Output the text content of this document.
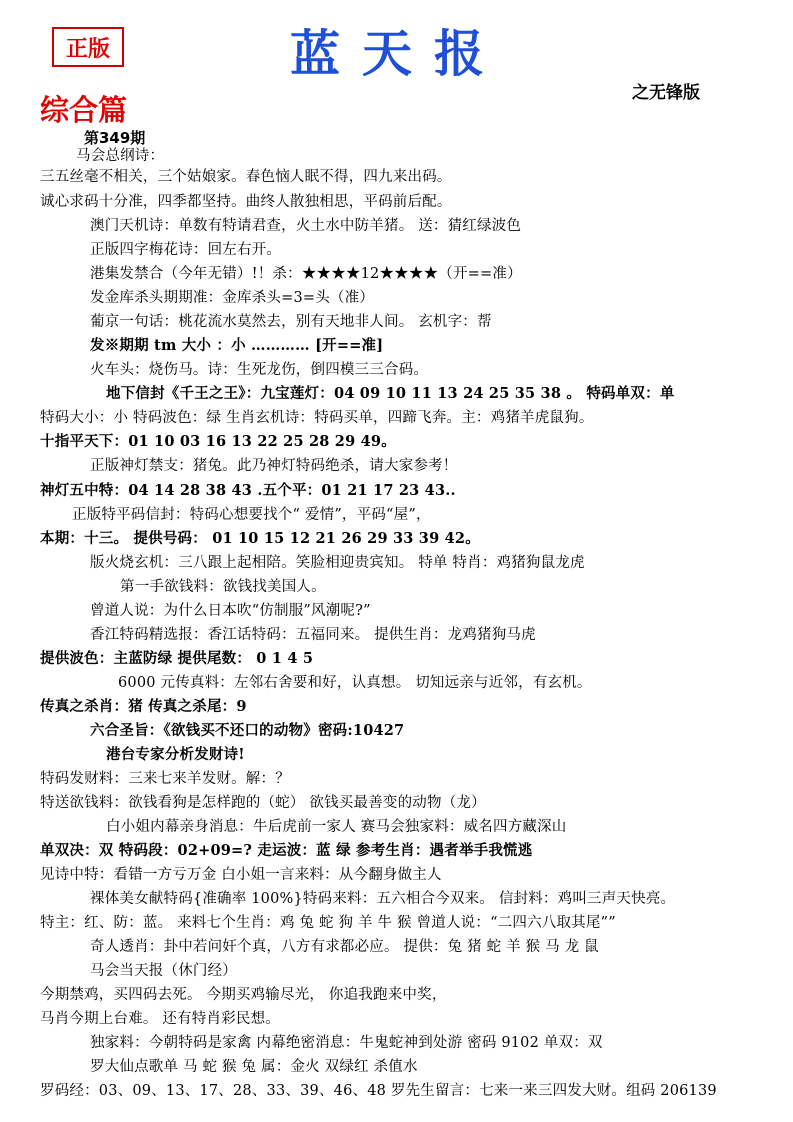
正版	蓝天报
之无锋版
综合篇
第349期
马会总纲诗：
三五丝毫不相关，三个姑娘家。春色恼人眠不得，四九来出码。
诚心求码十分准，四季都坚持。曲终人散独相思，平码前后配。
澳门天机诗：单数有特请君查，火土水中防羊猪。 送：猜红绿波色
正版四字梅花诗：回左右开。
港集发禁合（今年无错）!！杀：★★★★12★★★★（开==准）
发金库杀头期期准：金库杀头=3=头（准）
葡京一句话：桃花流水莫然去，别有天地非人间。 玄机字：帮
发※期期 tm 大小 ：小 ………… [开==准]
火车头：烧伤马。诗：生死龙伤，倒四模三三合码。
地下信封《千王之王》：九宝莲灯：04 09 10 11 13 24 25 35 38 。 特码单双：单
特码大小：小 特码波色：绿 生肖玄机诗：特码买单，四蹄飞奔。主：鸡猪羊虎鼠狗。
十指平天下：01 10 03 16 13 22 25 28 29 49。
正版神灯禁支：猪兔。此乃神灯特码绝杀，请大家参考！
神灯五中特：04 14 28 38 43 .五个平：01 21 17 23 43..
正版特平码信封：特码心想要找个“ 爱情”，平码“屋”，
本期：十三。 提供号码： 01 10 15 12 21 26 29 33 39 42。
版火烧玄机：三八跟上起相陪。笑脸相迎贵宾知。 特单 特肖：鸡猪狗鼠龙虎
第一手欲钱料：欲钱找美国人。
曾道人说：为什么日本吹“仿制服”风潮呢?”
香江特码精选报：香江话特码：五福同来。 提供生肖：龙鸡猪狗马虎
提供波色：主蓝防绿 提供尾数： 0 1 4 5
6000 元传真料：左邻右舍要和好，认真想。 切知远亲与近邻，有玄机。
传真之杀肖：猪 传真之杀尾：9
六合圣旨：《欲钱买不还口的动物》密码:10427
港台专家分析发财诗!
特码发财料：三来七来羊发财。解：？
特送欲钱料：欲钱看狗是怎样跑的（蛇） 欲钱买最善变的动物（龙）
白小姐内幕亲身消息：牛后虎前一家人 赛马会独家料：威名四方藏深山
单双决：双 特码段：02+09=? 走运波：蓝 绿 参考生肖：遇者举手我慌逃
见诗中特：看错一方亏万金 白小姐一言来料：从今翻身做主人
裸体美女献特码{准确率 100%}特码来料：五六相合今双来。 信封料：鸡叫三声天快亮。
特主：红、防：蓝。 来料七个生肖：鸡 兔 蛇 狗 羊 牛 猴 曾道人说：“二四六八取其尾””
奇人透肖：卦中若问奸个真，八方有求都必应。 提供：兔 猪 蛇 羊 猴 马 龙 鼠
马会当天报（休门经）
今期禁鸡，买四码去死。 今期买鸡输尽光， 你追我跑来中奖，
马肖今期上台难。 还有特肖彩民想。
独家料：今朝特码是家禽 内幕绝密消息：牛鬼蛇神到处游 密码 9102 单双：双
罗大仙点歌单 马 蛇 猴 兔 属：金火 双绿红 杀值水
罗码经：03、09、13、17、28、33、39、46、48 罗先生留言：七来一来三四发大财。组码 206139
